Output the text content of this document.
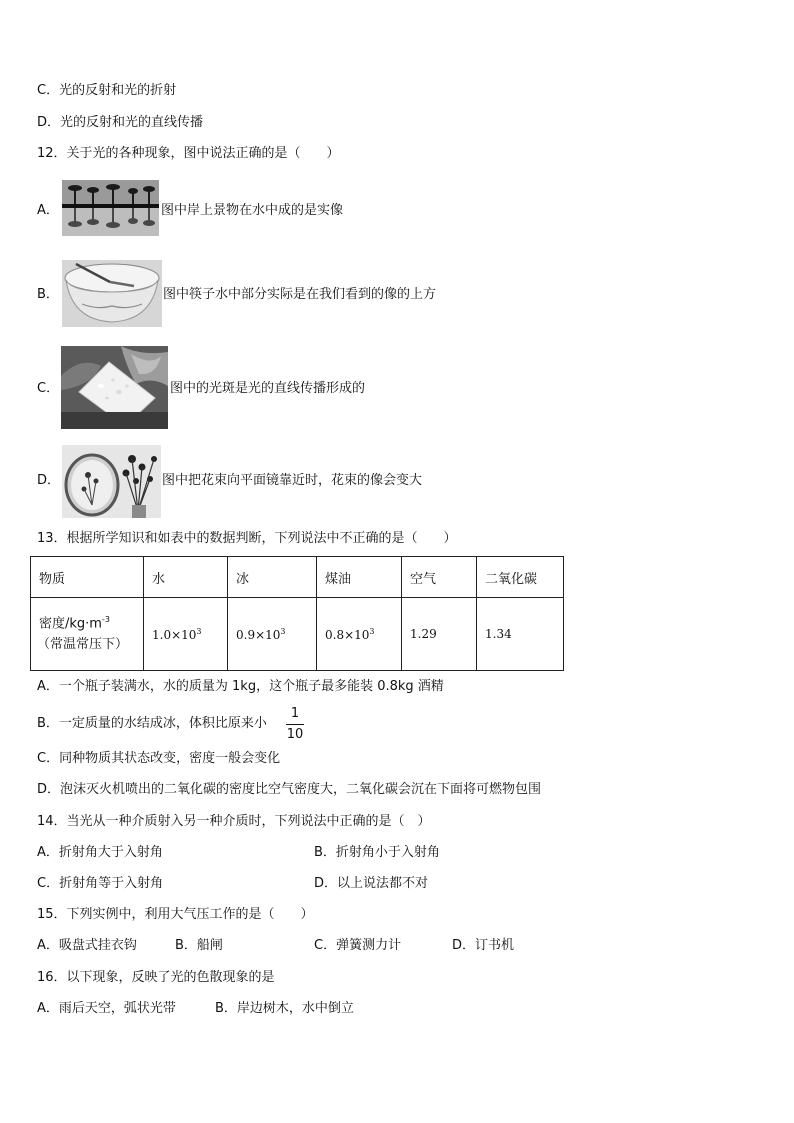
C．光的反射和光的折射
D．光的反射和光的直线传播
12．关于光的各种现象，图中说法正确的是（　　）
A．	图中岸上景物在水中成的是实像
B．	图中筷子水中部分实际是在我们看到的像的上方
C．	图中的光斑是光的直线传播形成的
D．	图中把花束向平面镜靠近时，花束的像会变大
13．根据所学知识和如表中的数据判断，下列说法中不正确的是（　　）
物质	水	冰	煤油	空气	二氧化碳

密度$/kg\cdot m^{-3}$
（常温常压下）	$1.0\times 10^3$	$0.9\times 10^3$	$0.8\times 10^3$	1.29	1.34
A．一个瓶子装满水，水的质量为 1kg，这个瓶子最多能装 0.8kg 酒精
B．一定质量的水结成冰，体积比原来小
1
10
C．同种物质其状态改变，密度一般会变化
D．泡沫灭火机喷出的二氧化碳的密度比空气密度大，二氧化碳会沉在下面将可燃物包围
14．当光从一种介质射入另一种介质时，下列说法中正确的是（　）
A．折射角大于入射角	B．折射角小于入射角
C．折射角等于入射角	D．以上说法都不对
15．下列实例中，利用大气压工作的是（　　）
A．吸盘式挂衣钩	B．船闸	C．弹簧测力计	D．订书机
16．以下现象，反映了光的色散现象的是
A．雨后天空，弧状光带	B．岸边树木，水中倒立
